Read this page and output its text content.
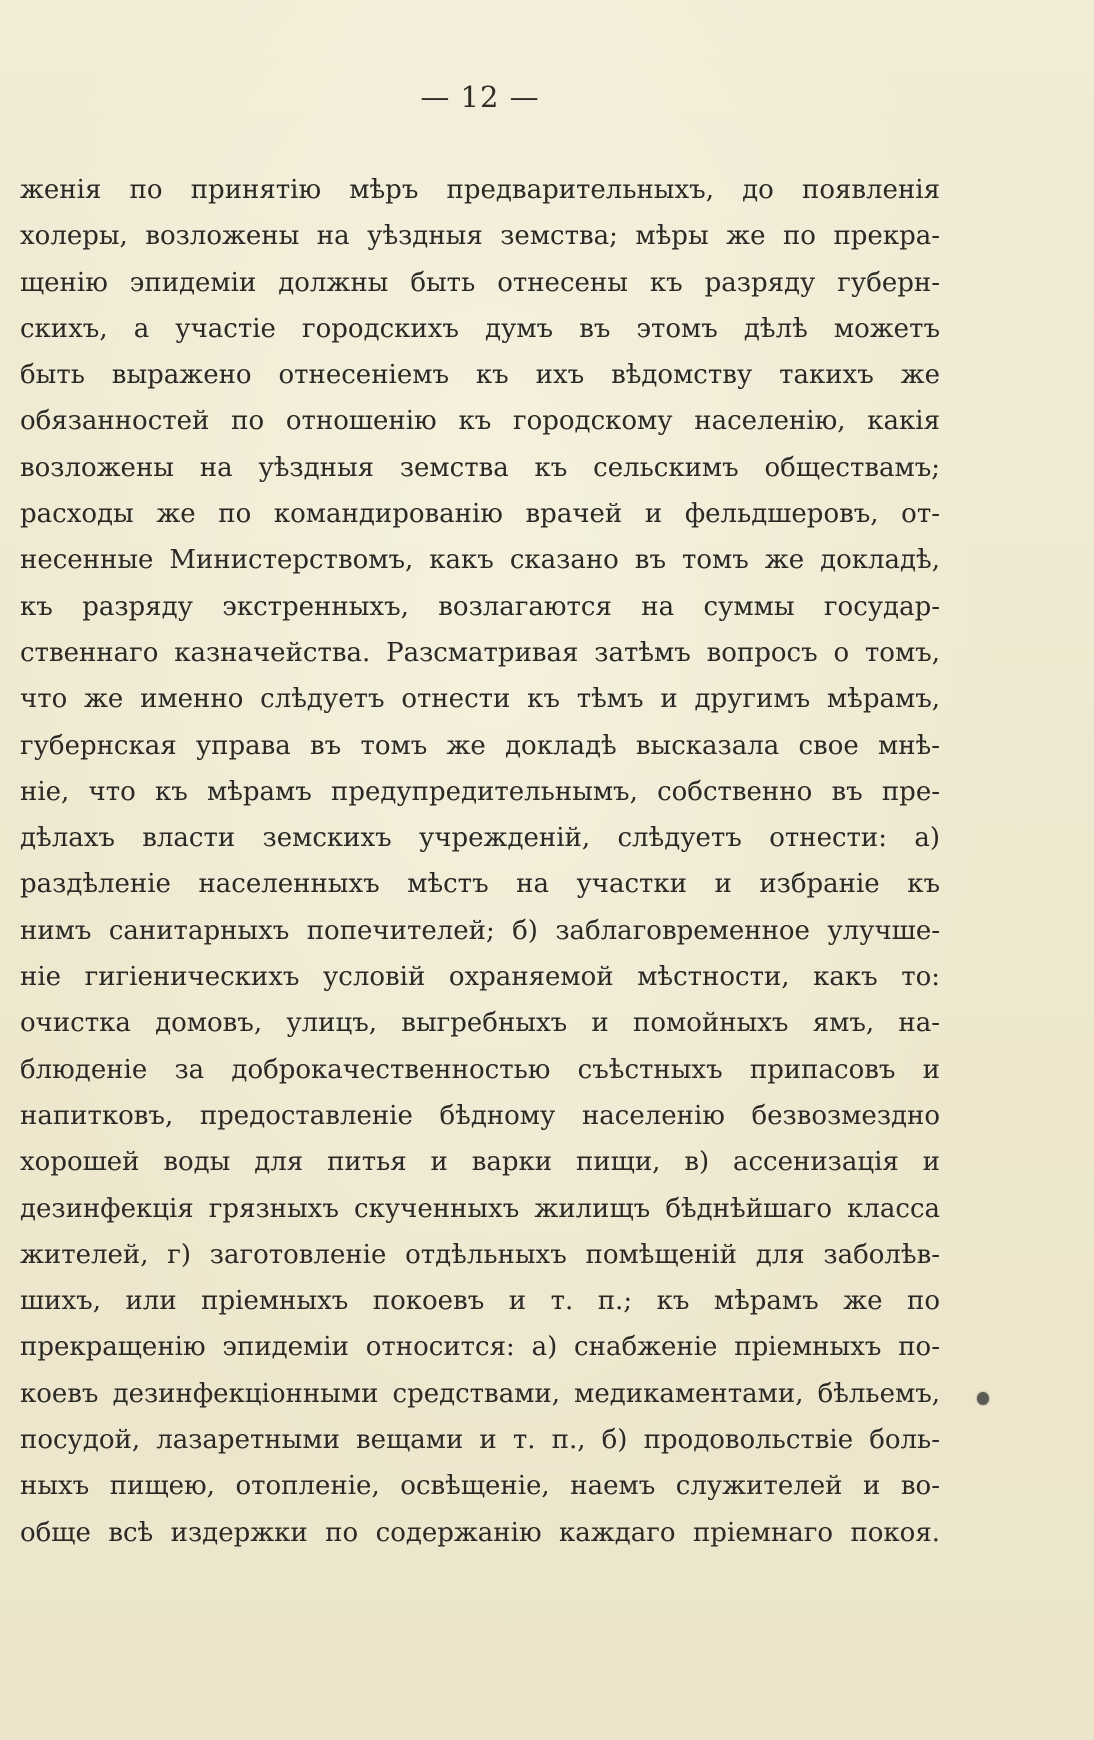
— 12 —
женія по принятію мѣръ предварительныхъ, до появленія
холеры, возложены на уѣздныя земства; мѣры же по прекра-
щенію эпидеміи должны быть отнесены къ разряду губерн-
скихъ, а участіе городскихъ думъ въ этомъ дѣлѣ можетъ
быть выражено отнесеніемъ къ ихъ вѣдомству такихъ же
обязанностей по отношенію къ городскому населенію, какія
возложены на уѣздныя земства къ сельскимъ обществамъ;
расходы же по командированію врачей и фельдшеровъ, от-
несенные Министерствомъ, какъ сказано въ томъ же докладѣ,
къ разряду экстренныхъ, возлагаются на суммы государ-
ственнаго казначейства. Разсматривая затѣмъ вопросъ о томъ,
что же именно слѣдуетъ отнести къ тѣмъ и другимъ мѣрамъ,
губернская управа въ томъ же докладѣ высказала свое мнѣ-
ніе, что къ мѣрамъ предупредительнымъ, собственно въ пре-
дѣлахъ власти земскихъ учрежденій, слѣдуетъ отнести: а)
раздѣленіе населенныхъ мѣстъ на участки и избраніе къ
нимъ санитарныхъ попечителей; б) заблаговременное улучше-
ніе гигіеническихъ условій охраняемой мѣстности, какъ то:
очистка домовъ, улицъ, выгребныхъ и помойныхъ ямъ, на-
блюденіе за доброкачественностью съѣстныхъ припасовъ и
напитковъ, предоставленіе бѣдному населенію безвозмездно
хорошей воды для питья и варки пищи, в) ассенизація и
дезинфекція грязныхъ скученныхъ жилищъ бѣднѣйшаго класса
жителей, г) заготовленіе отдѣльныхъ помѣщеній для заболѣв-
шихъ, или пріемныхъ покоевъ и т. п.; къ мѣрамъ же по
прекращенію эпидеміи относится: а) снабженіе пріемныхъ по-
коевъ дезинфекціонными средствами, медикаментами, бѣльемъ,
посудой, лазаретными вещами и т. п., б) продовольствіе боль-
ныхъ пищею, отопленіе, освѣщеніе, наемъ служителей и во-
обще всѣ издержки по содержанію каждаго пріемнаго покоя.
